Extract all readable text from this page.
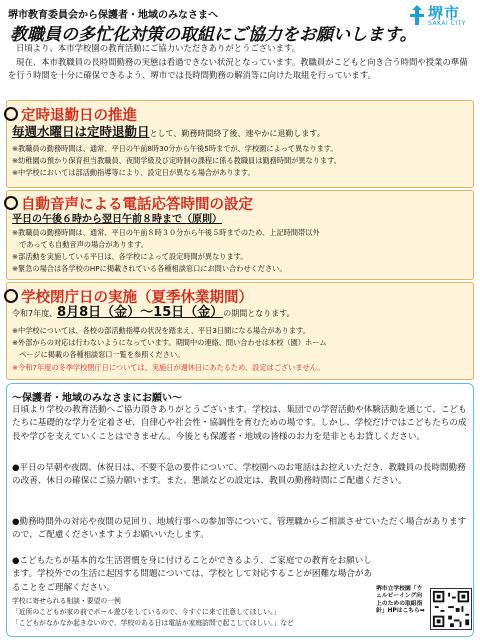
堺市教育委員会から保護者・地域のみなさまへ	堺市
SAKAI CITY
教職員の多忙化対策の取組にご協力をお願いします。
日頃より、本市学校園の教育活動にご協力いただきありがとうございます。
現在、本市教職員の長時間勤務の実態は看過できない状況となっています。教職員がこどもと向き合う時間や授業の準備を行う時間を十分に確保できるよう、堺市では長時間勤務の解消等に向けた取組を行っています。
定時退勤日の推進
毎週水曜日は定時退勤日として、勤務時間終了後、速やかに退勤します。
※教職員の勤務時間は、通常、平日の午前8時30分から午後5時までが、学校園によって異なります。
※幼稚園の預かり保育担当教職員、夜間学級及び定時制の課程に係る教職員は勤務時間が異なります。
※中学校においては部活動指導等により、設定日が異なる場合があります。
自動音声による電話応答時間の設定
平日の午後６時から翌日午前８時まで（原則）
※教職員の勤務時間は、通常、平日の午前８時３０分から午後５時までのため、上記時間帯以外
　であっても自動音声の場合があります。
※部活動を実施している平日は、各学校によって設定時間が異なります。
※緊急の場合は各学校のHPに掲載されている各種相談窓口にお問い合わせください。
学校閉庁日の実施（夏季休業期間）
令和7年度、8月8日（金）～15日（金）の期間となります。
※中学校については、各校の部活動指導の状況を踏まえ、平日3日間になる場合があります。
※外部からの対応は行わないようになっています。期間中の連絡、問い合わせは本校（園）ホーム
　ページに掲載の各種相談窓口一覧を参照ください。
※令和7年度の冬季学校閉庁日については、実施日が週休日にあたるため、設定はございません。
～保護者・地域のみなさまにお願い～
日頃より学校の教育活動へご協力頂きありがとうございます。学校は、集団での学習活動や体験活動を通じて、こどもたちに基礎的な学力を定着させ、自律心や社会性・協調性を育むための場です。しかし、学校だけではこどもたちの成長や学びを支えていくことはできません。今後とも保護者・地域の皆様のお力を是非ともお貸しください。
●平日の早朝や夜間、休祝日は、不要不急の要件について、学校園へのお電話はお控えいただき、教職員の長時間勤務の改善、休日の確保にご協力願います。また、懇談などの設定は、教員の勤務時間にご配慮ください。
●勤務時間外の対応や夜間の見回り、地域行事への参加等について、管理職からご相談させていただく場合がありますので、ご配慮くださいますようお願いいたします。
●こどもたちが基本的な生活習慣を身に付けることができるよう、ご家庭での教育をお願いします。学校外での生活に起因する問題については、学校として対応することが困難な場合があることをご理解ください。
学校に寄せられる相談・要望の一例
「近所のこどもが家の前でボール遊びをしているので、今すぐに来て注意してほしい。」
「こどもがなかなか起きないので、学校のある日は電話か家庭訪問で起こしてほしい。」など
堺市立学校園「ウェルビーイング向上のための取組指針」HPはこちら➡
